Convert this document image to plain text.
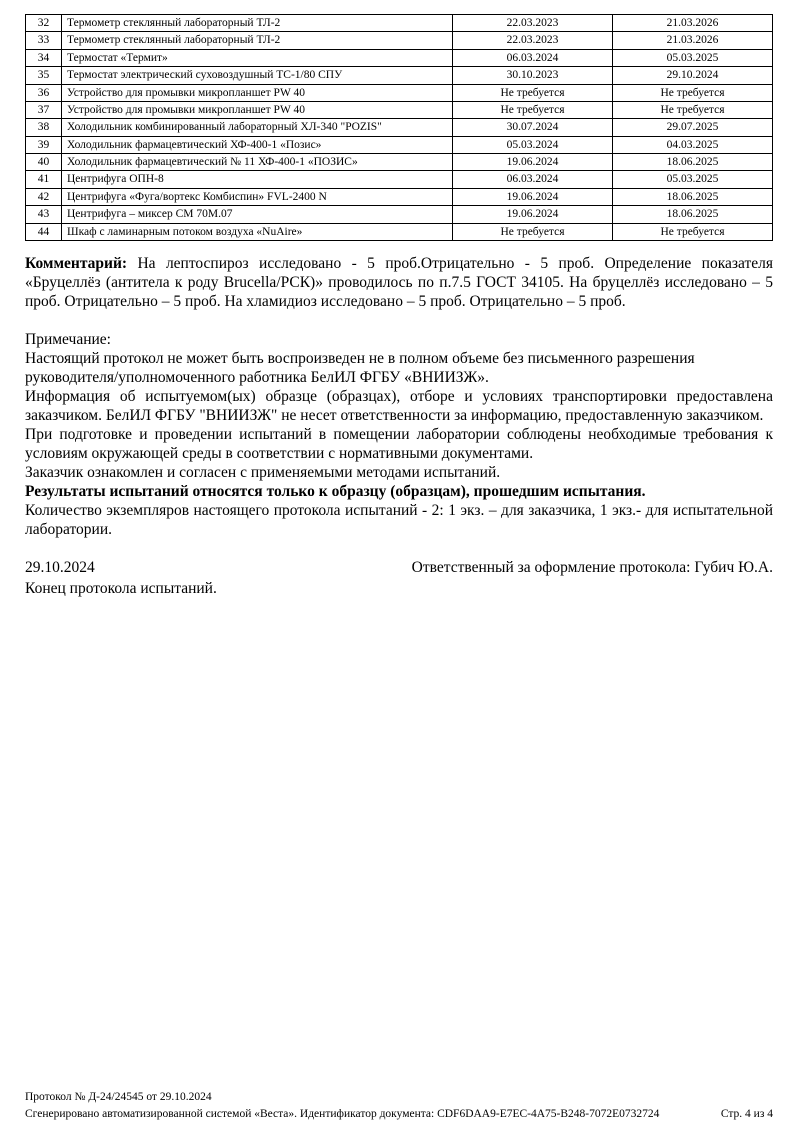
32	Термометр стеклянный лабораторный ТЛ-2	22.03.2023	21.03.2026
33	Термометр стеклянный лабораторный ТЛ-2	22.03.2023	21.03.2026
34	Термостат «Термит»	06.03.2024	05.03.2025
35	Термостат электрический суховоздушный ТС-1/80 СПУ	30.10.2023	29.10.2024
36	Устройство для промывки микропланшет PW 40	Не требуется	Не требуется
37	Устройство для промывки микропланшет PW 40	Не требуется	Не требуется
38	Холодильник комбинированный лабораторный ХЛ-340 "POZIS"	30.07.2024	29.07.2025
39	Холодильник фармацевтический ХФ-400-1 «Позис»	05.03.2024	04.03.2025
40	Холодильник фармацевтический № 11 ХФ-400-1 «ПОЗИС»	19.06.2024	18.06.2025
41	Центрифуга ОПН-8	06.03.2024	05.03.2025
42	Центрифуга «Фуга/вортекс Комбиспин» FVL-2400 N	19.06.2024	18.06.2025
43	Центрифуга – миксер СМ 70М.07	19.06.2024	18.06.2025
44	Шкаф с ламинарным потоком воздуха «NuAire»	Не требуется	Не требуется

Комментарий: На лептоспироз исследовано - 5 проб.Отрицательно - 5 проб. Определение показателя «Бруцеллёз (антитела к роду Brucella/РСК)» проводилось по п.7.5 ГОСТ 34105. На бруцеллёз исследовано – 5 проб. Отрицательно – 5 проб. На хламидиоз исследовано – 5 проб. Отрицательно – 5 проб.

Примечание:

Настоящий протокол не может быть воспроизведен не в полном объеме без письменного разрешения руководителя/уполномоченного работника БелИЛ ФГБУ «ВНИИЗЖ».

Информация об испытуемом(ых) образце (образцах), отборе и условиях транспортировки предоставлена заказчиком. БелИЛ ФГБУ "ВНИИЗЖ" не несет ответственности за информацию, предоставленную заказчиком.

При подготовке и проведении испытаний в помещении лаборатории соблюдены необходимые требования к условиям окружающей среды в соответствии с нормативными документами.

Заказчик ознакомлен и согласен с применяемыми методами испытаний.

Результаты испытаний относятся только к образцу (образцам), прошедшим испытания.

Количество экземпляров настоящего протокола испытаний - 2: 1 экз. – для заказчика, 1 экз.- для испытательной лаборатории.

29.10.2024	Ответственный за оформление протокола: Губич Ю.А.

Конец протокола испытаний.

Протокол № Д-24/24545 от 29.10.2024
Сгенерировано автоматизированной системой «Веста». Идентификатор документа: CDF6DAA9-E7EC-4A75-B248-7072E0732724	Стр. 4 из 4
